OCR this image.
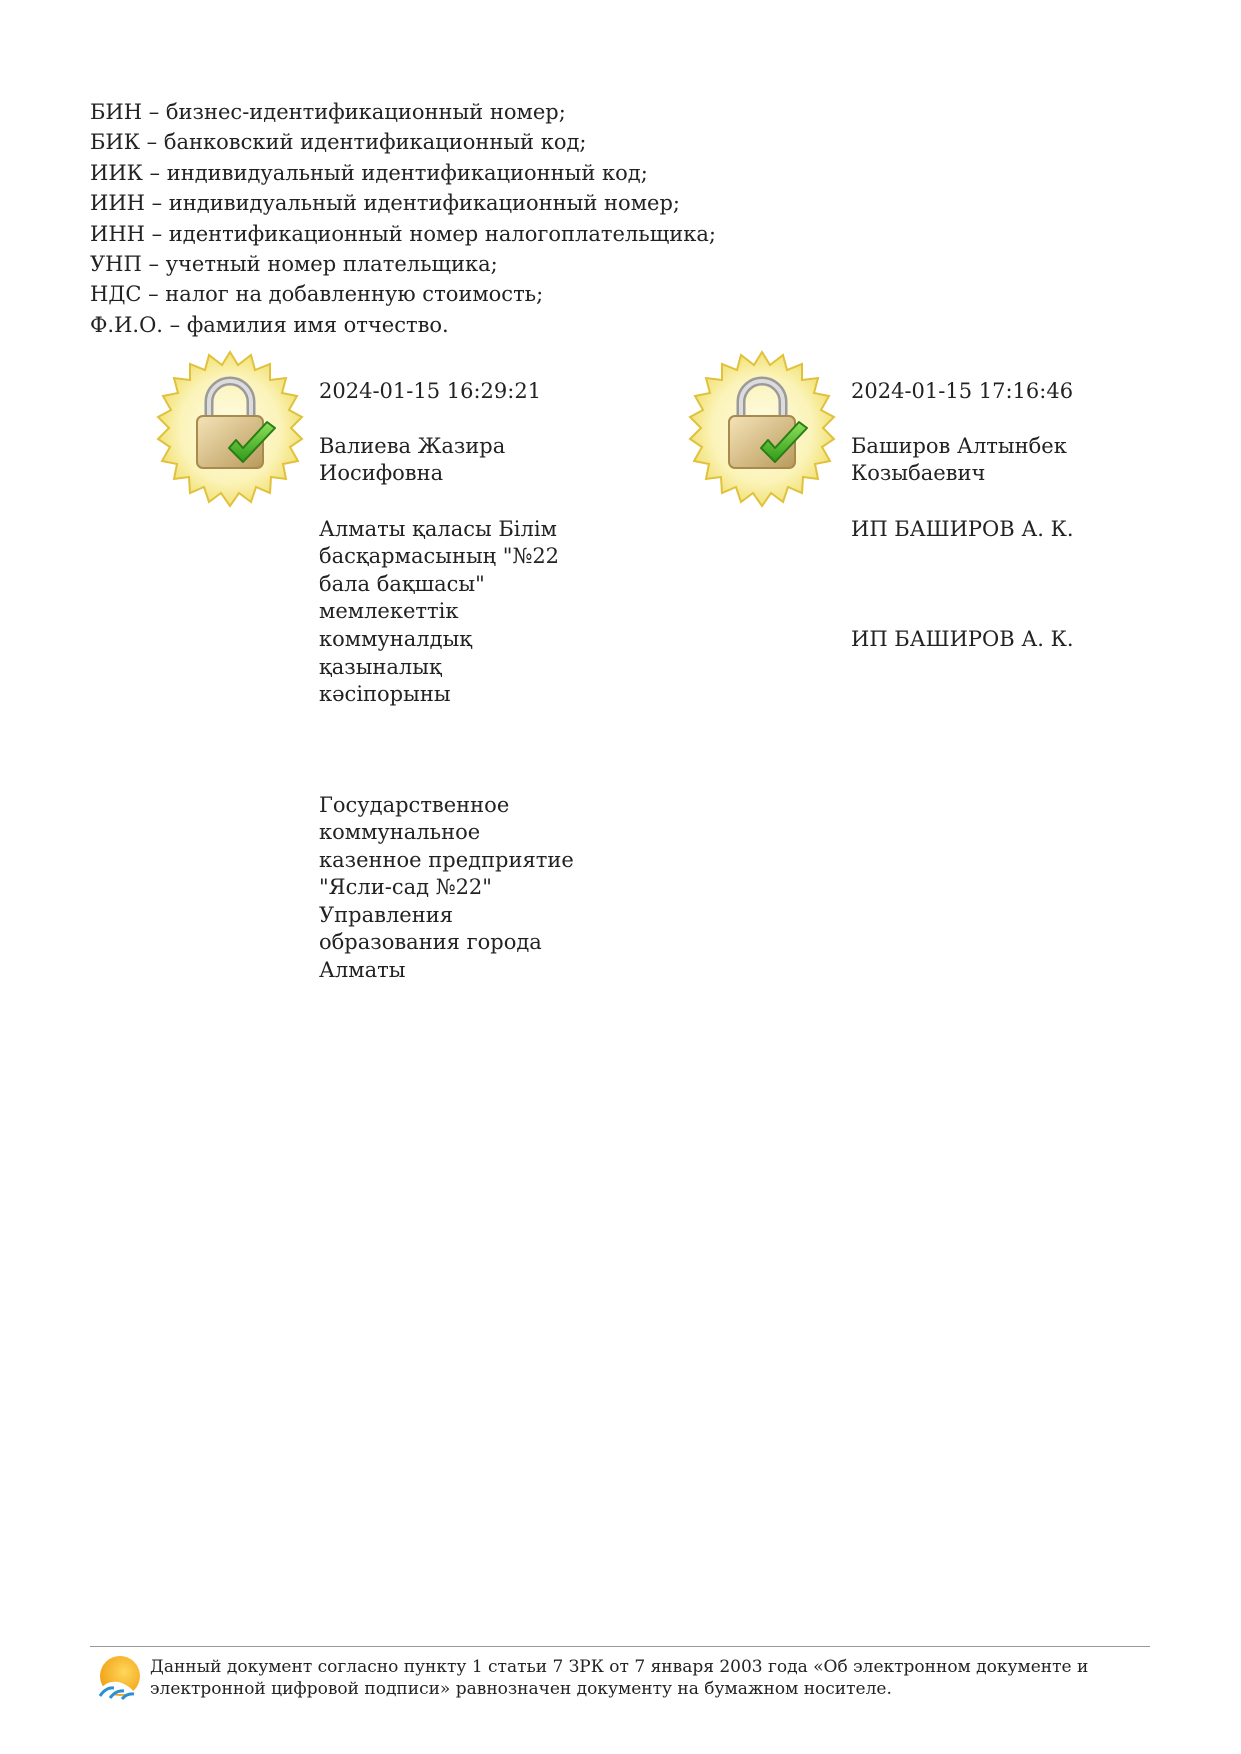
БИН – бизнес-идентификационный номер;
БИК – банковский идентификационный код;
ИИК – индивидуальный идентификационный код;
ИИН – индивидуальный идентификационный номер;
ИНН – идентификационный номер налогоплательщика;
УНП – учетный номер плательщика;
НДС – налог на добавленную стоимость;
Ф.И.О. – фамилия имя отчество.

2024-01-15 16:29:21

Валиева Жазира Иосифовна

Алматы қаласы Білім басқармасының "№22 бала бақшасы" мемлекеттік коммуналдық қазыналық кәсіпорыны

Государственное коммунальное казенное предприятие "Ясли-сад №22" Управления образования города Алматы

2024-01-15 17:16:46

Баширов Алтынбек Козыбаевич

ИП БАШИРОВ А. К.

ИП БАШИРОВ А. К.

Данный документ согласно пункту 1 статьи 7 ЗРК от 7 января 2003 года «Об электронном документе и
электронной цифровой подписи» равнозначен документу на бумажном носителе.
